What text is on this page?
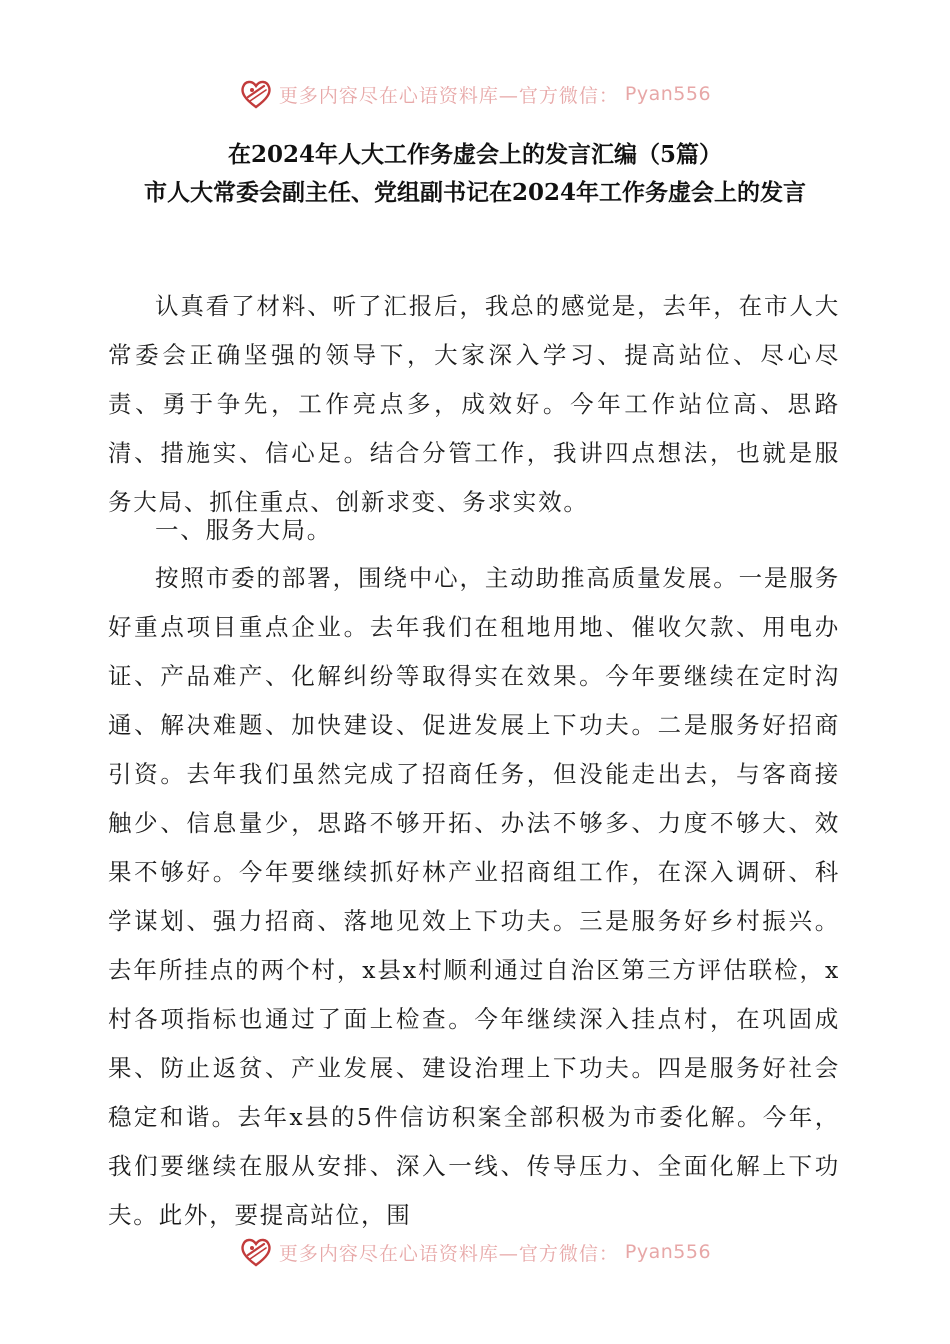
更多内容尽在心语资料库—官方微信： Pyan556
在2024年人大工作务虚会上的发言汇编（5篇）
市人大常委会副主任、党组副书记在2024年工作务虚会上的发言
认真看了材料、听了汇报后，我总的感觉是，去年，在市人大常委会正确坚强的领导下，大家深入学习、提高站位、尽心尽责、勇于争先，工作亮点多，成效好。今年工作站位高、思路清、措施实、信心足。结合分管工作，我讲四点想法，也就是服务大局、抓住重点、创新求变、务求实效。
一、服务大局。
按照市委的部署，围绕中心，主动助推高质量发展。一是服务好重点项目重点企业。去年我们在租地用地、催收欠款、用电办证、产品难产、化解纠纷等取得实在效果。今年要继续在定时沟通、解决难题、加快建设、促进发展上下功夫。二是服务好招商引资。去年我们虽然完成了招商任务，但没能走出去，与客商接触少、信息量少，思路不够开拓、办法不够多、力度不够大、效果不够好。今年要继续抓好林产业招商组工作，在深入调研、科学谋划、强力招商、落地见效上下功夫。三是服务好乡村振兴。去年所挂点的两个村，x县x村顺利通过自治区第三方评估联检，x村各项指标也通过了面上检查。今年继续深入挂点村，在巩固成果、防止返贫、产业发展、建设治理上下功夫。四是服务好社会稳定和谐。去年x县的5件信访积案全部积极为市委化解。今年，我们要继续在服从安排、深入一线、传导压力、全面化解上下功夫。此外，要提高站位，围
更多内容尽在心语资料库—官方微信： Pyan556
